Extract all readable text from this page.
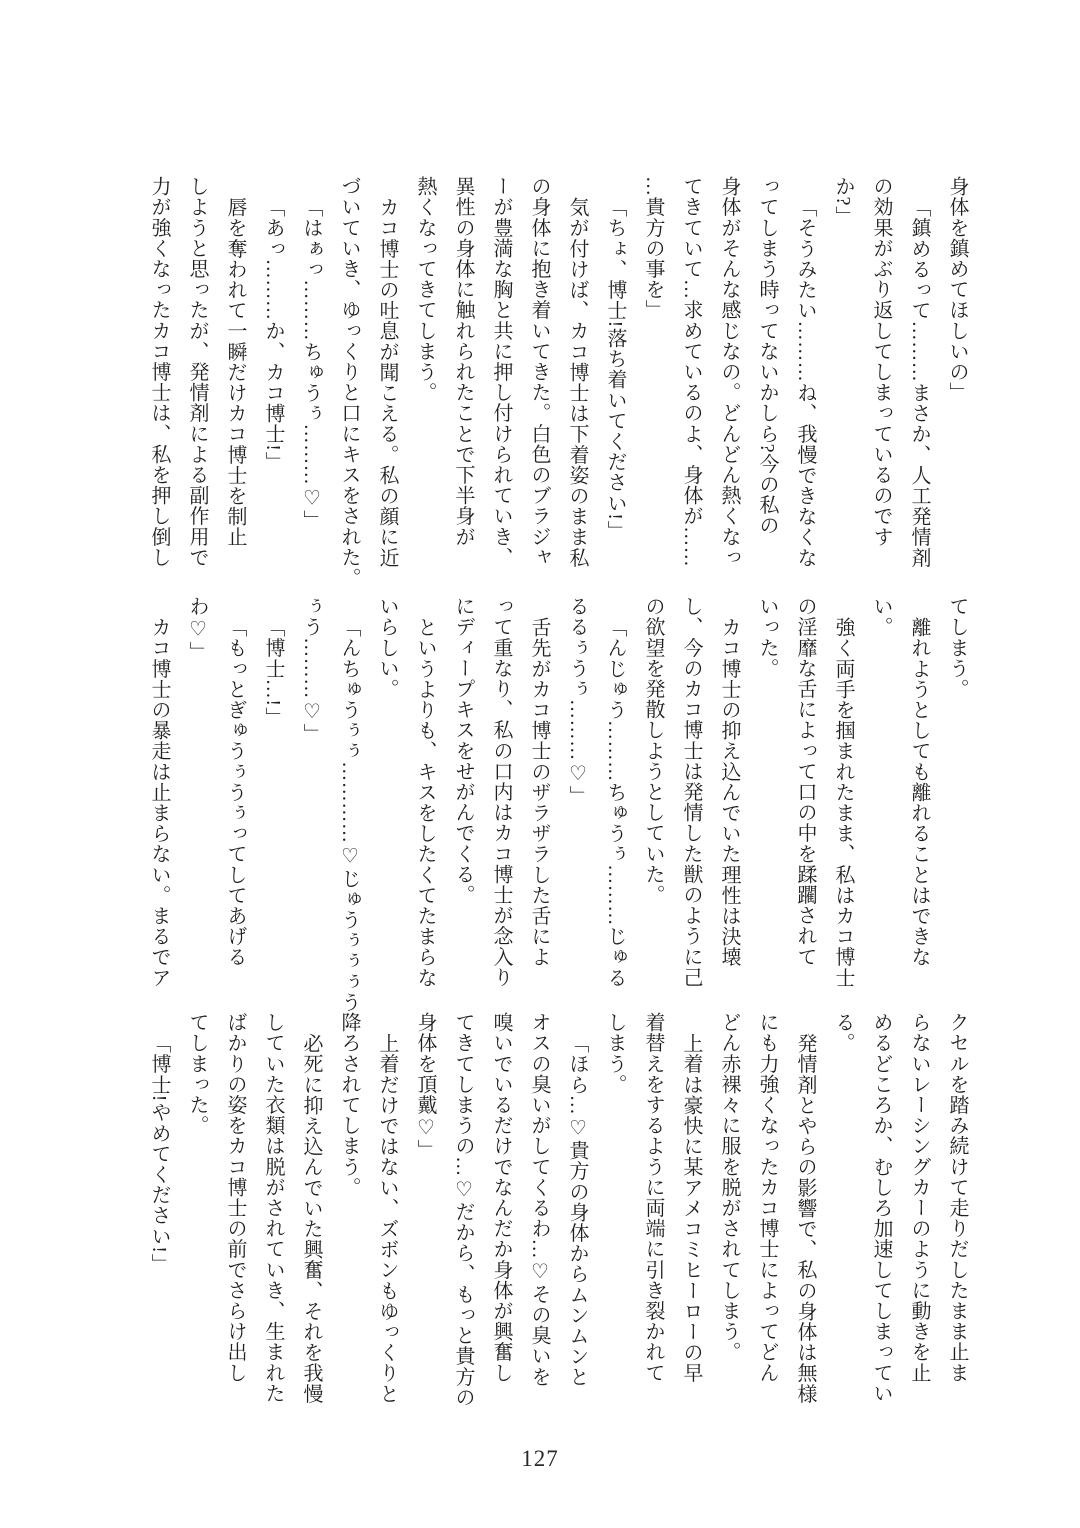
身体を鎮めてほしいの」
「鎮めるって………まさか、人工発情剤
の効果がぶり返してしまっているのです
か?」
「そうみたい………ね、我慢できなくな
ってしまう時ってないかしら?今の私の
身体がそんな感じなの。どんどん熱くなっ
てきていて…求めているのよ、身体が……
…貴方の事を」
「ちょ、博士!落ち着いてください!」
気が付けば、カコ博士は下着姿のまま私
の身体に抱き着いてきた。白色のブラジャ
ーが豊満な胸と共に押し付けられていき、
異性の身体に触れられたことで下半身が
熱くなってきてしまう。
カコ博士の吐息が聞こえる。私の顔に近
づいていき、ゆっくりと口にキスをされた。
「はぁっ………ちゅうぅ………♡」
「あっ………か、カコ博士!」
唇を奪われて一瞬だけカコ博士を制止
しようと思ったが、発情剤による副作用で
力が強くなったカコ博士は、私を押し倒し
てしまう。
離れようとしても離れることはできな
い。
強く両手を掴まれたまま、私はカコ博士
の淫靡な舌によって口の中を蹂躙されて
いった。
カコ博士の抑え込んでいた理性は決壊
し、今のカコ博士は発情した獣のように己
の欲望を発散しようとしていた。
「んじゅう………ちゅうぅ………じゅる
るるぅうぅ………♡」
舌先がカコ博士のザラザラした舌によ
って重なり、私の口内はカコ博士が念入り
にディープキスをせがんでくる。
というよりも、キスをしたくてたまらな
いらしい。
「んちゅうぅぅ…………♡じゅうぅぅぅう
ぅう………♡」
「博士…!」
「もっとぎゅうぅうぅってしてあげる
わ♡」
カコ博士の暴走は止まらない。まるでア
クセルを踏み続けて走りだしたまま止ま
らないレーシングカーのように動きを止
めるどころか、むしろ加速してしまってい
る。
発情剤とやらの影響で、私の身体は無様
にも力強くなったカコ博士によってどん
どん赤裸々に服を脱がされてしまう。
上着は豪快に某アメコミヒーローの早
着替えをするように両端に引き裂かれて
しまう。
「ほら…♡貴方の身体からムンムンと
オスの臭いがしてくるわ…♡その臭いを
嗅いでいるだけでなんだか身体が興奮し
てきてしまうの…♡だから、もっと貴方の
身体を頂戴♡」
上着だけではない、ズボンもゆっくりと
降ろされてしまう。
必死に抑え込んでいた興奮、それを我慢
していた衣類は脱がされていき、生まれた
ばかりの姿をカコ博士の前でさらけ出し
てしまった。
「博士!やめてください!」
127
